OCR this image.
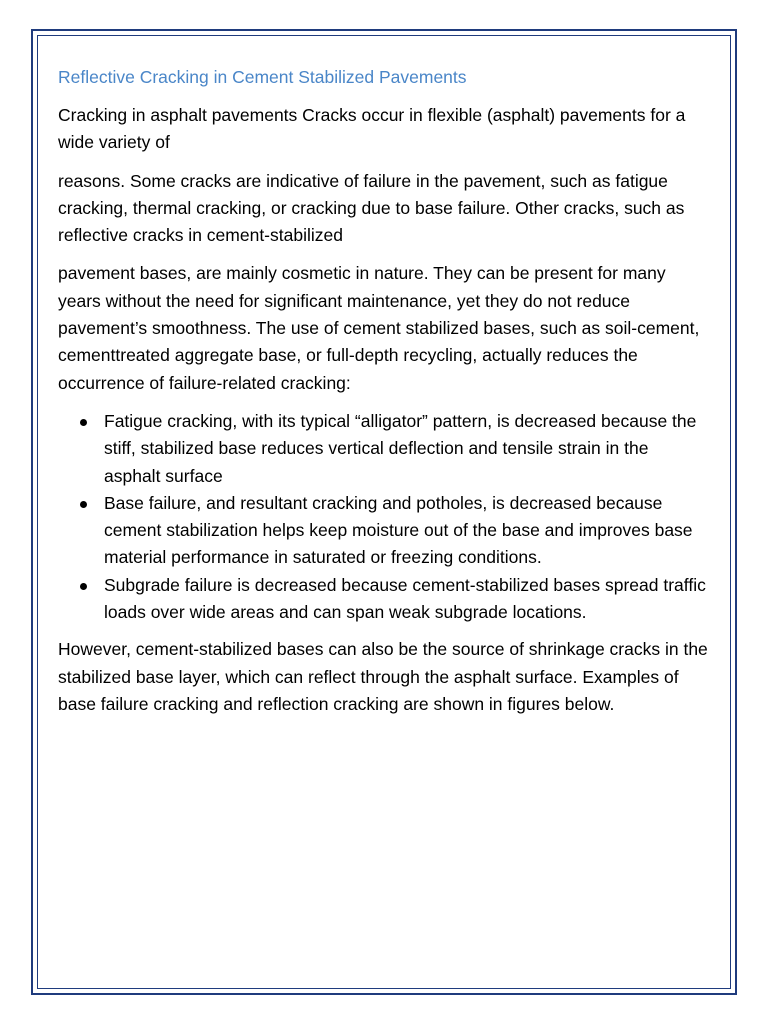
Reflective Cracking in Cement Stabilized Pavements

Cracking in asphalt pavements Cracks occur in flexible (asphalt) pavements for a wide variety of

reasons. Some cracks are indicative of failure in the pavement, such as fatigue cracking, thermal cracking, or cracking due to base failure. Other cracks, such as reflective cracks in cement-stabilized

pavement bases, are mainly cosmetic in nature. They can be present for many years without the need for significant maintenance, yet they do not reduce pavement’s smoothness. The use of cement stabilized bases, such as soil-cement, cementtreated aggregate base, or full-depth recycling, actually reduces the occurrence of failure-related cracking:

Fatigue cracking, with its typical “alligator” pattern, is decreased because the stiff, stabilized base reduces vertical deflection and tensile strain in the asphalt surface
Base failure, and resultant cracking and potholes, is decreased because cement stabilization helps keep moisture out of the base and improves base material performance in saturated or freezing conditions.
Subgrade failure is decreased because cement-stabilized bases spread traffic loads over wide areas and can span weak subgrade locations.

However, cement-stabilized bases can also be the source of shrinkage cracks in the stabilized base layer, which can reflect through the asphalt surface. Examples of base failure cracking and reflection cracking are shown in figures below.
